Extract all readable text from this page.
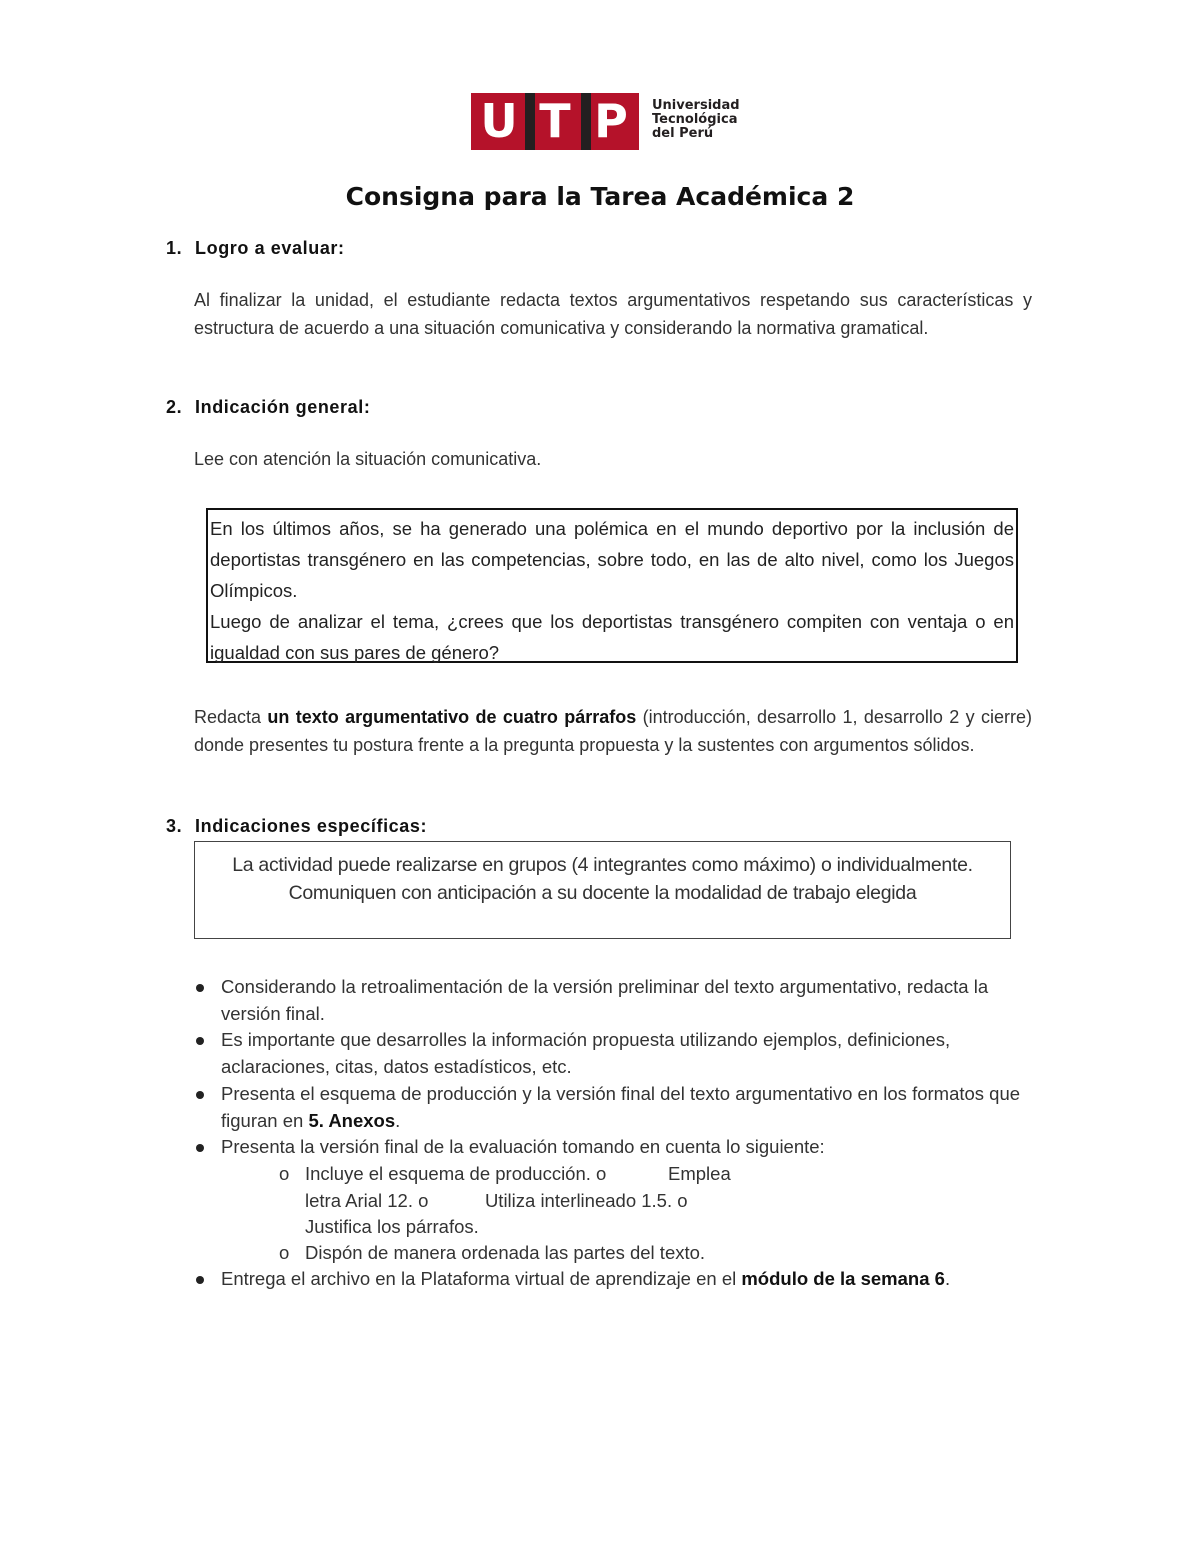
U T P	Universidad
Tecnológica
del Perú
Consigna para la Tarea Académica 2
1. Logro a evaluar:
Al finalizar la unidad, el estudiante redacta textos argumentativos respetando sus características y estructura de acuerdo a una situación comunicativa y considerando la normativa gramatical.
2. Indicación general:
Lee con atención la situación comunicativa.

En los últimos años, se ha generado una polémica en el mundo deportivo por la inclusión de deportistas transgénero en las competencias, sobre todo, en las de alto nivel, como los Juegos Olímpicos.

Luego de analizar el tema, ¿crees que los deportistas transgénero compiten con ventaja o en igualdad con sus pares de género?

Redacta un texto argumentativo de cuatro párrafos (introducción, desarrollo 1, desarrollo 2 y cierre) donde presentes tu postura frente a la pregunta propuesta y la sustentes con argumentos sólidos.
3. Indicaciones específicas:

La actividad puede realizarse en grupos (4 integrantes como máximo) o individualmente. Comuniquen con anticipación a su docente la modalidad de trabajo elegida

Considerando la retroalimentación de la versión preliminar del texto argumentativo, redacta la versión final.
Es importante que desarrolles la información propuesta utilizando ejemplos, definiciones, aclaraciones, citas, datos estadísticos, etc.
Presenta el esquema de producción y la versión final del texto argumentativo en los formatos que figuran en 5. Anexos.
Presenta la versión final de la evaluación tomando en cuenta lo siguiente:
o Incluye el esquema de producción. o            Emplea
letra Arial 12. o           Utiliza interlineado 1.5. o
Justifica los párrafos.
o Dispón de manera ordenada las partes del texto.
Entrega el archivo en la Plataforma virtual de aprendizaje en el módulo de la semana 6.
